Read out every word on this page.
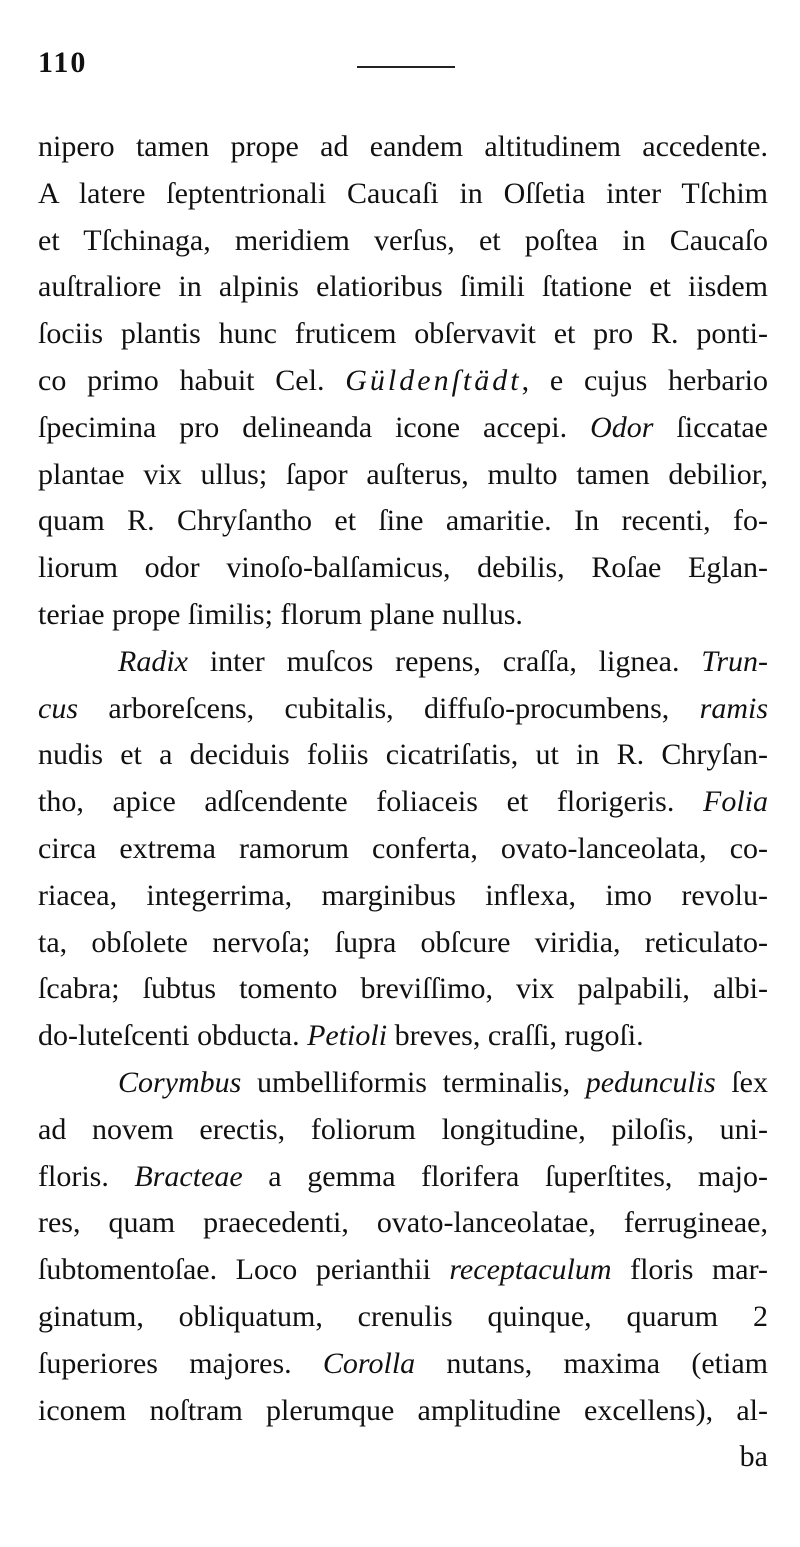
110
nipero tamen prope ad eandem altitudinem accedente.
A latere ſeptentrionali Caucaſi in Oſſetia inter Tſchim
et Tſchinaga, meridiem verſus, et poſtea in Caucaſo
auſtraliore in alpinis elatioribus ſimili ſtatione et iisdem
ſociis plantis hunc fruticem obſervavit et pro R. ponti-
co primo habuit Cel. Güldenſtädt, e cujus herbario
ſpecimina pro delineanda icone accepi. Odor ſiccatae
plantae vix ullus; ſapor auſterus, multo tamen debilior,
quam R. Chryſantho et ſine amaritie. In recenti, fo-
liorum odor vinoſo-balſamicus, debilis, Roſae Eglan-
teriae prope ſimilis; florum plane nullus.
Radix inter muſcos repens, craſſa, lignea. Trun-
cus arboreſcens, cubitalis, diffuſo-procumbens, ramis
nudis et a deciduis foliis cicatriſatis, ut in R. Chryſan-
tho, apice adſcendente foliaceis et florigeris. Folia
circa extrema ramorum conferta, ovato-lanceolata, co-
riacea, integerrima, marginibus inflexa, imo revolu-
ta, obſolete nervoſa; ſupra obſcure viridia, reticulato-
ſcabra; ſubtus tomento breviſſimo, vix palpabili, albi-
do-luteſcenti obducta. Petioli breves, craſſi, rugoſi.
Corymbus umbelliformis terminalis, pedunculis ſex
ad novem erectis, foliorum longitudine, piloſis, uni-
floris. Bracteae a gemma florifera ſuperſtites, majo-
res, quam praecedenti, ovato-lanceolatae, ferrugineae,
ſubtomentoſae. Loco perianthii receptaculum floris mar-
ginatum, obliquatum, crenulis quinque, quarum 2
ſuperiores majores. Corolla nutans, maxima (etiam
iconem noſtram plerumque amplitudine excellens), al-
ba
